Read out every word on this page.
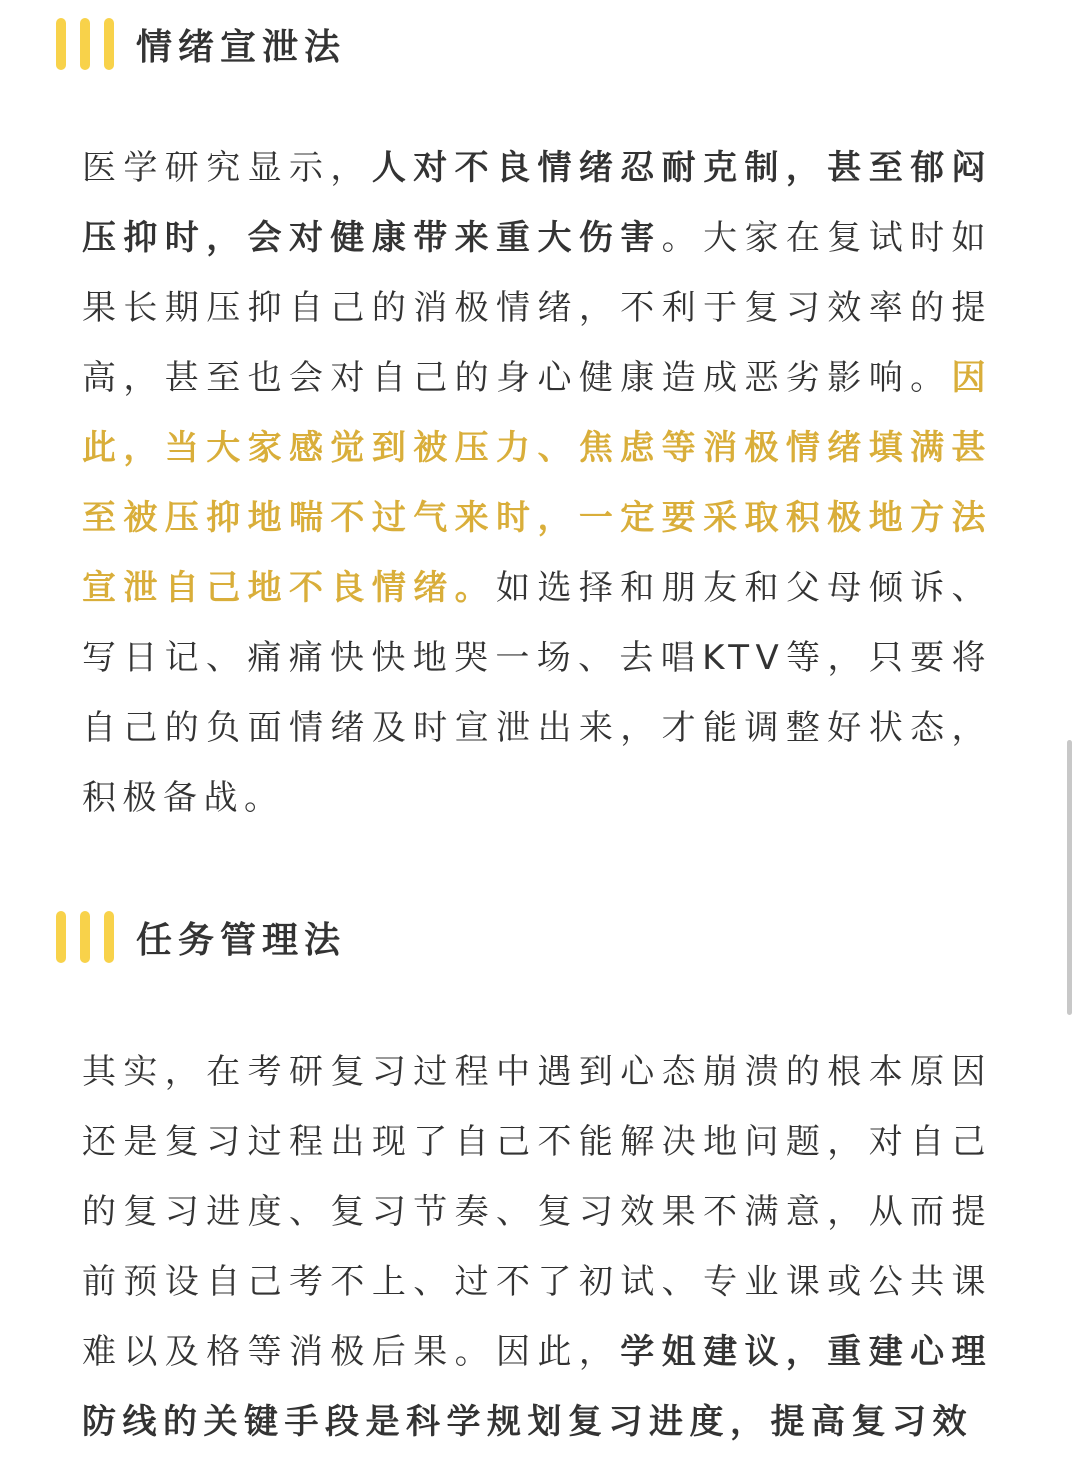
情绪宣泄法

医学研究显示，人对不良情绪忍耐克制，甚至郁闷压抑时，会对健康带来重大伤害。大家在复试时如果长期压抑自己的消极情绪，不利于复习效率的提高，甚至也会对自己的身心健康造成恶劣影响。因此，当大家感觉到被压力、焦虑等消极情绪填满甚至被压抑地喘不过气来时，一定要采取积极地方法宣泄自己地不良情绪。如选择和朋友和父母倾诉、写日记、痛痛快快地哭一场、去唱KTV等，只要将自己的负面情绪及时宣泄出来，才能调整好状态，积极备战。

任务管理法

其实，在考研复习过程中遇到心态崩溃的根本原因还是复习过程出现了自己不能解决地问题，对自己的复习进度、复习节奏、复习效果不满意，从而提前预设自己考不上、过不了初试、专业课或公共课难以及格等消极后果。因此，学姐建议，重建心理防线的关键手段是科学规划复习进度，提高复习效
